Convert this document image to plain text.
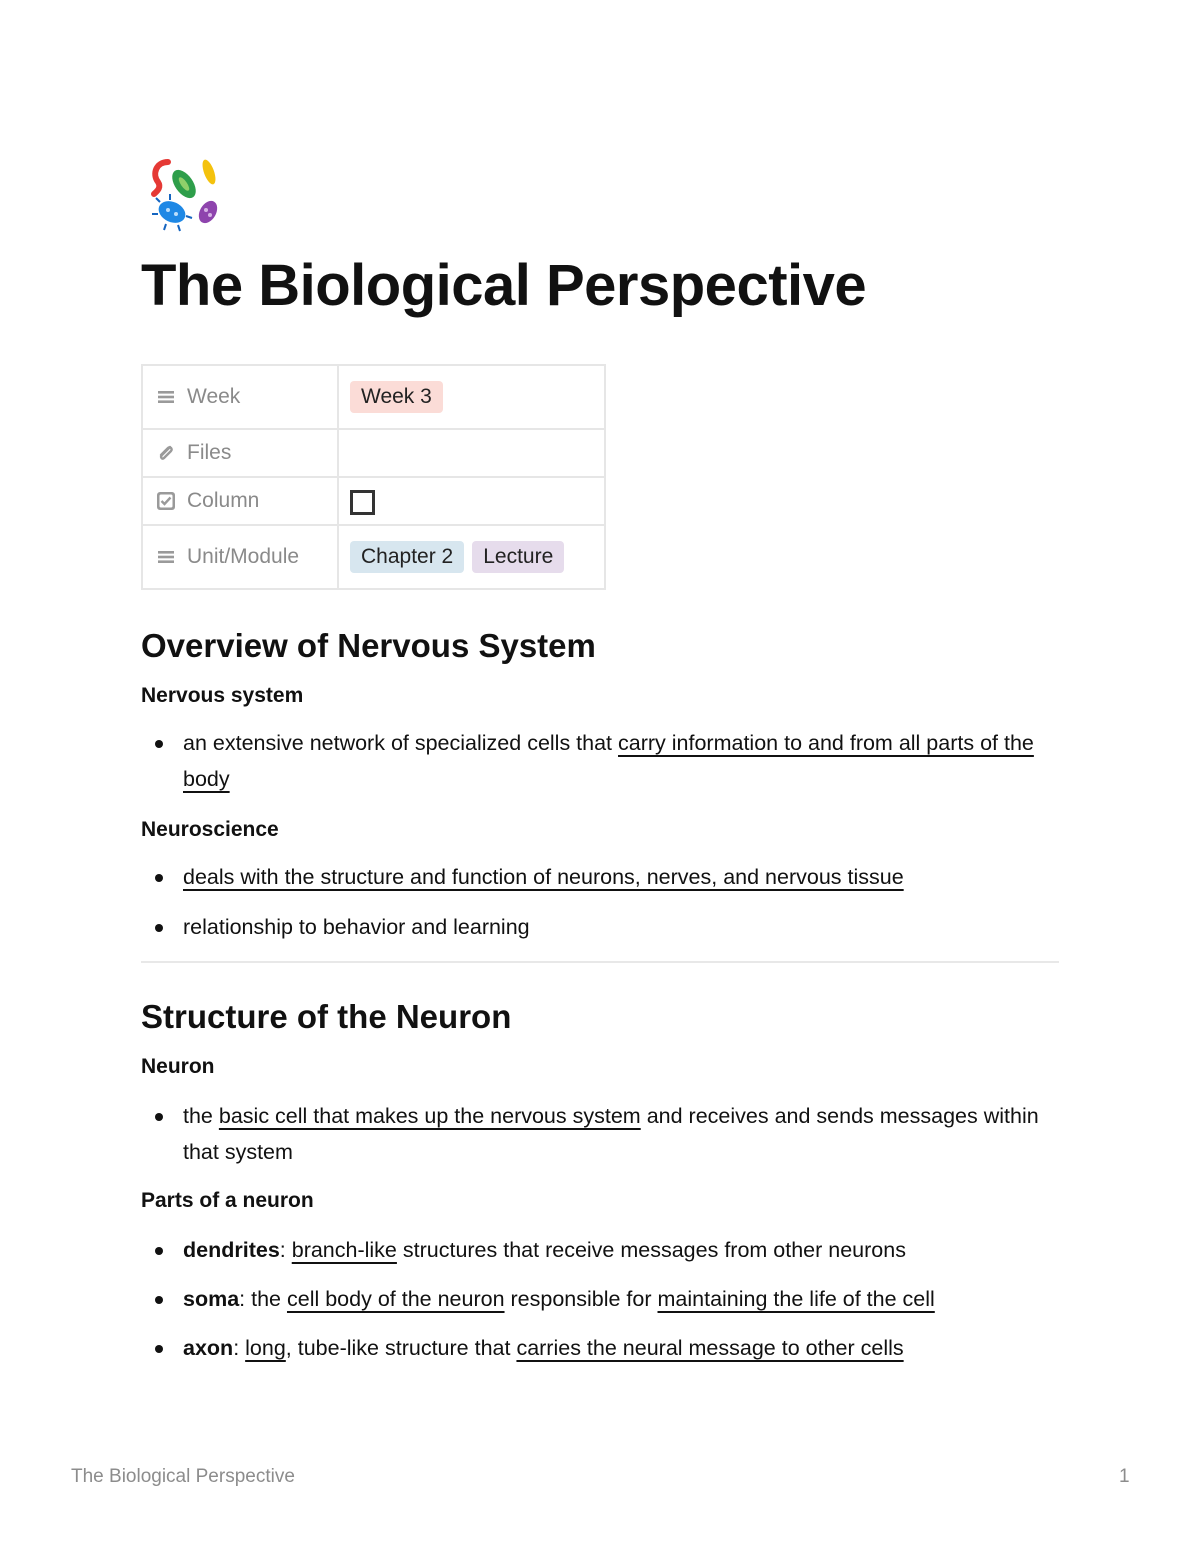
The Biological Perspective
Week	Week 3

Files	

Column	

Unit/Module	Chapter 2 Lecture
Overview of Nervous System

Nervous system

an extensive network of specialized cells that carry information to and from all parts of the body

Neuroscience

deals with the structure and function of neurons, nerves, and nervous tissue
relationship to behavior and learning
Structure of the Neuron

Neuron

the basic cell that makes up the nervous system and receives and sends messages within that system

Parts of a neuron

dendrites: branch-like structures that receive messages from other neurons
soma: the cell body of the neuron responsible for maintaining the life of the cell
axon: long, tube-like structure that carries the neural message to other cells
The Biological Perspective	1
